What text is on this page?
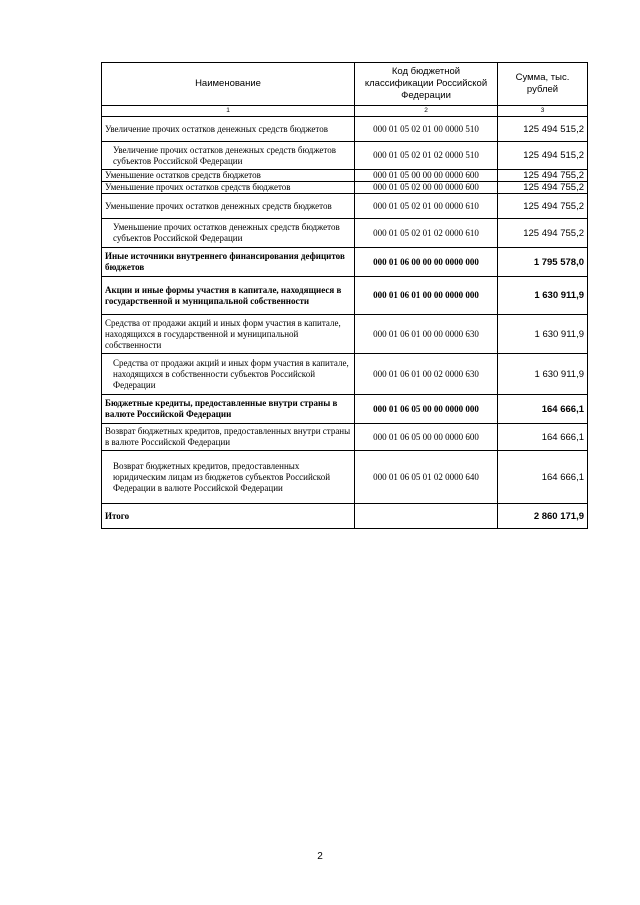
Наименование	Код бюджетной классификации Российской Федерации	Сумма, тыс. рублей
1	2	3
Увеличение прочих остатков денежных средств бюджетов	000 01 05 02 01 00 0000 510	125 494 515,2
Увеличение прочих остатков денежных средств бюджетов субъектов Российской Федерации	000 01 05 02 01 02 0000 510	125 494 515,2
Уменьшение остатков средств бюджетов	000 01 05 00 00 00 0000 600	125 494 755,2
Уменьшение прочих остатков средств бюджетов	000 01 05 02 00 00 0000 600	125 494 755,2
Уменьшение прочих остатков денежных средств бюджетов	000 01 05 02 01 00 0000 610	125 494 755,2
Уменьшение прочих остатков денежных средств бюджетов субъектов Российской Федерации	000 01 05 02 01 02 0000 610	125 494 755,2
Иные источники внутреннего финансирования дефицитов бюджетов	000 01 06 00 00 00 0000 000	1 795 578,0
Акции и иные формы участия в капитале, находящиеся в государственной и муниципальной собственности	000 01 06 01 00 00 0000 000	1 630 911,9
Средства от продажи акций и иных форм участия в капитале, находящихся в государственной и муниципальной собственности	000 01 06 01 00 00 0000 630	1 630 911,9
Средства от продажи акций и иных форм участия в капитале, находящихся в собственности субъектов Российской Федерации	000 01 06 01 00 02 0000 630	1 630 911,9
Бюджетные кредиты, предоставленные внутри страны в валюте Российской Федерации	000 01 06 05 00 00 0000 000	164 666,1
Возврат бюджетных кредитов, предоставленных внутри страны в валюте Российской Федерации	000 01 06 05 00 00 0000 600	164 666,1
Возврат бюджетных кредитов, предоставленных юридическим лицам из бюджетов субъектов Российской Федерации в валюте Российской Федерации	000 01 06 05 01 02 0000 640	164 666,1
Итого		2 860 171,9
2
